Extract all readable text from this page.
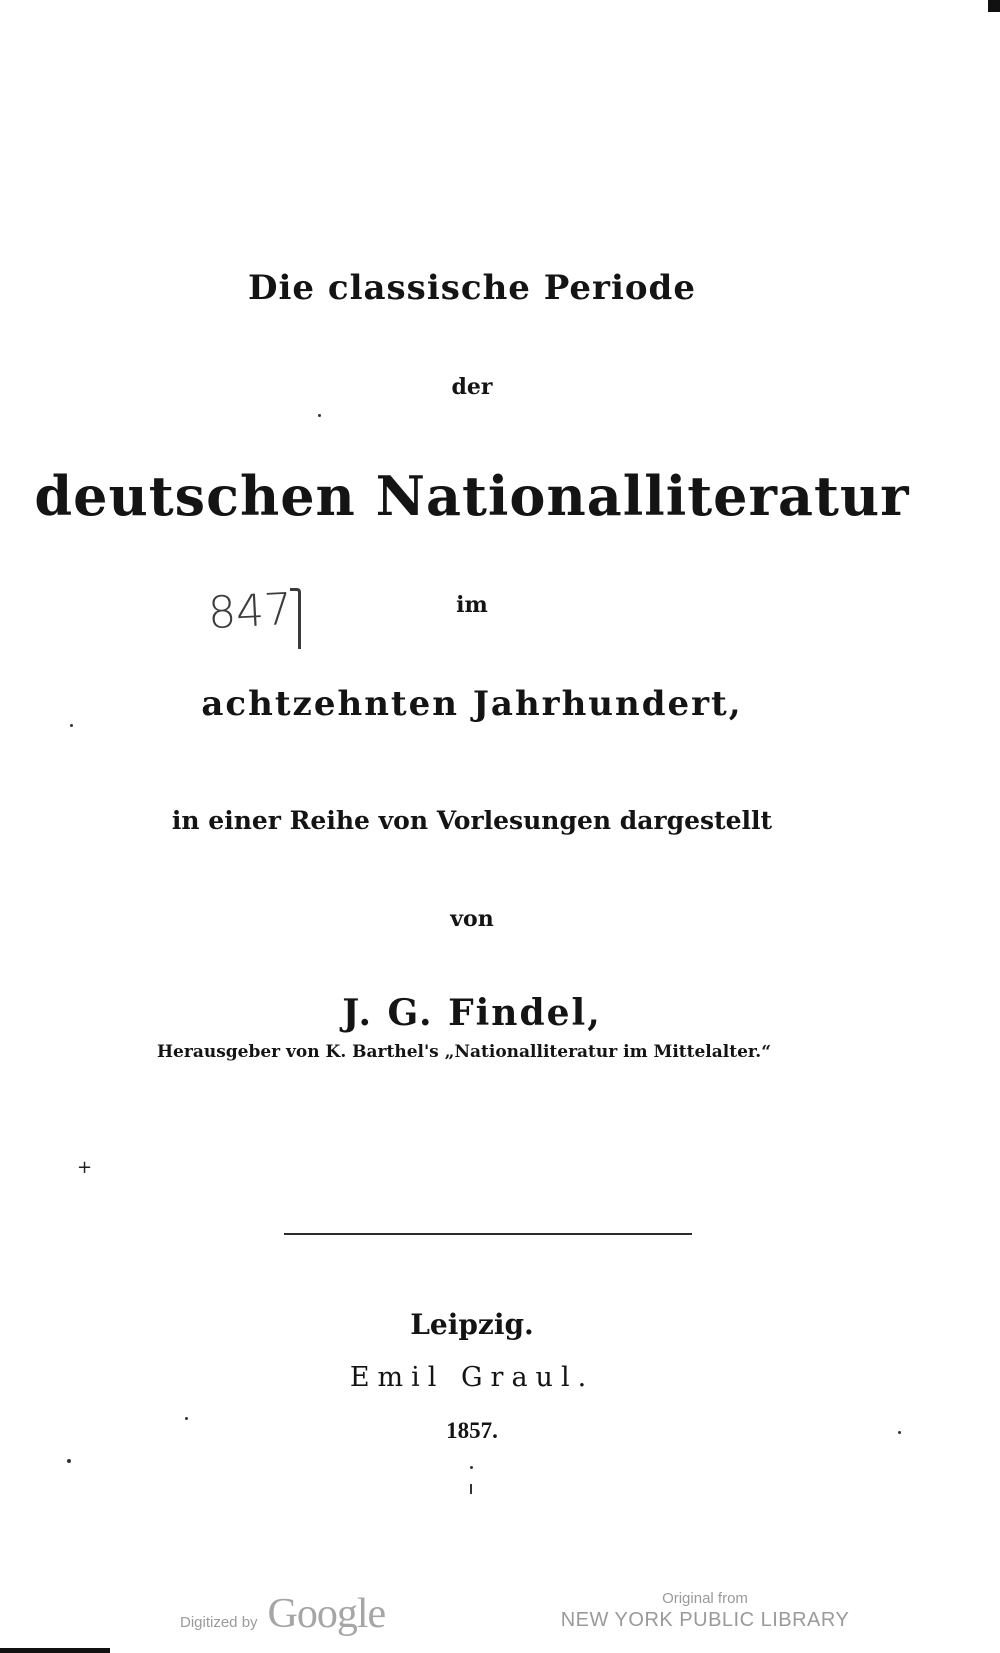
Die classische Periode
der
deutschen Nationalliteratur
847	im
achtzehnten Jahrhundert,
in einer Reihe von Vorlesungen dargestellt
von
J. G. Findel,
Herausgeber von K. Barthel's „Nationalliteratur im Mittelalter.“
+
Leipzig.
Emil Graul.
1857.
Digitized by Google	Original from
NEW YORK PUBLIC LIBRARY
